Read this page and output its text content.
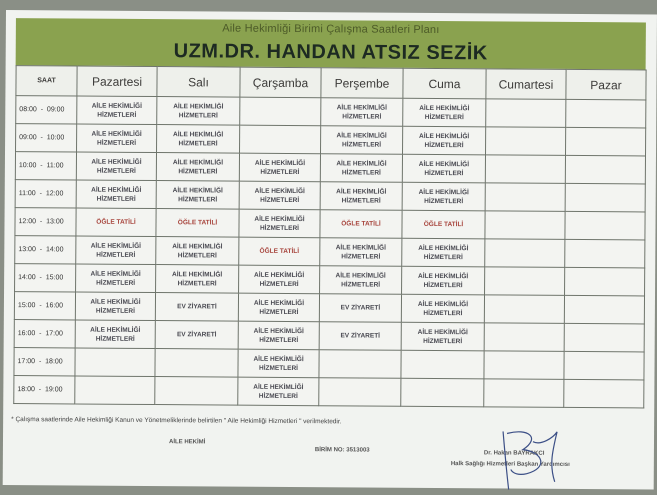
Aile Hekimliği Birimi Çalışma Saatleri Planı
UZM.DR. HANDAN ATSIZ SEZİK
SAAT	Pazartesi	Salı	Çarşamba	Perşembe	Cuma	Cumartesi	Pazar
08:00  -  09:00	AİLE HEKİMLİĞİ HİZMETLERİ	AİLE HEKİMLİĞİ HİZMETLERİ		AİLE HEKİMLİĞİ HİZMETLERİ	AİLE HEKİMLİĞİ HİZMETLERİ		
09:00  -  10:00	AİLE HEKİMLİĞİ HİZMETLERİ	AİLE HEKİMLİĞİ HİZMETLERİ		AİLE HEKİMLİĞİ HİZMETLERİ	AİLE HEKİMLİĞİ HİZMETLERİ		
10:00  -  11:00	AİLE HEKİMLİĞİ HİZMETLERİ	AİLE HEKİMLİĞİ HİZMETLERİ	AİLE HEKİMLİĞİ HİZMETLERİ	AİLE HEKİMLİĞİ HİZMETLERİ	AİLE HEKİMLİĞİ HİZMETLERİ		
11:00  -  12:00	AİLE HEKİMLİĞİ HİZMETLERİ	AİLE HEKİMLİĞİ HİZMETLERİ	AİLE HEKİMLİĞİ HİZMETLERİ	AİLE HEKİMLİĞİ HİZMETLERİ	AİLE HEKİMLİĞİ HİZMETLERİ		
12:00  -  13:00	ÖĞLE TATİLİ	ÖĞLE TATİLİ	AİLE HEKİMLİĞİ HİZMETLERİ	ÖĞLE TATİLİ	ÖĞLE TATİLİ		
13:00  -  14:00	AİLE HEKİMLİĞİ HİZMETLERİ	AİLE HEKİMLİĞİ HİZMETLERİ	ÖĞLE TATİLİ	AİLE HEKİMLİĞİ HİZMETLERİ	AİLE HEKİMLİĞİ HİZMETLERİ		
14:00  -  15:00	AİLE HEKİMLİĞİ HİZMETLERİ	AİLE HEKİMLİĞİ HİZMETLERİ	AİLE HEKİMLİĞİ HİZMETLERİ	AİLE HEKİMLİĞİ HİZMETLERİ	AİLE HEKİMLİĞİ HİZMETLERİ		
15:00  -  16:00	AİLE HEKİMLİĞİ HİZMETLERİ	EV ZİYARETİ	AİLE HEKİMLİĞİ HİZMETLERİ	EV ZİYARETİ	AİLE HEKİMLİĞİ HİZMETLERİ		
16:00  -  17:00	AİLE HEKİMLİĞİ HİZMETLERİ	EV ZİYARETİ	AİLE HEKİMLİĞİ HİZMETLERİ	EV ZİYARETİ	AİLE HEKİMLİĞİ HİZMETLERİ		
17:00  -  18:00			AİLE HEKİMLİĞİ HİZMETLERİ				
18:00  -  19:00			AİLE HEKİMLİĞİ HİZMETLERİ				
* Çalışma saatlerinde Aile Hekimliği Kanun ve Yönetmeliklerinde belirtilen " Aile Hekimliği Hizmetleri " verilmektedir.
AİLE HEKİMİ
BİRİM NO: 3513003	Dr. Hakan BAYRAKCI
Halk Sağlığı Hizmetleri Başkan Yardımcısı
